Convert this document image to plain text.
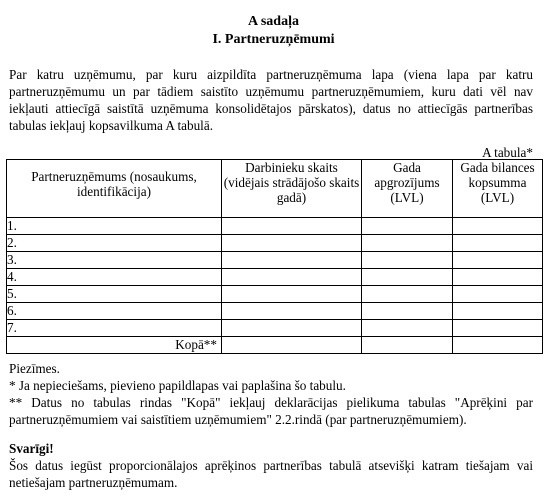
A sadaļa
I. Partneruzņēmumi
Par katru uzņēmumu, par kuru aizpildīta partneruzņēmuma lapa (viena lapa par katru partneruzņēmumu un par tādiem saistīto uzņēmumu partneruzņēmumiem, kuru dati vēl nav iekļauti attiecīgā saistītā uzņēmuma konsolidētajos pārskatos), datus no attiecīgās partnerības tabulas iekļauj kopsavilkuma A tabulā.
A tabula*
Partneruzņēmums (nosaukums, identifikācija)	Darbinieku skaits (vidējais strādājošo skaits gadā)	Gada apgrozījums (LVL)	Gada bilances kopsumma (LVL)
1.			
2.			
3.			
4.			
5.			
6.			
7.			
Kopā**			

Piezīmes.

* Ja nepieciešams, pievieno papildlapas vai paplašina šo tabulu.

** Datus no tabulas rindas "Kopā" iekļauj deklarācijas pielikuma tabulas "Aprēķini par partneruzņēmumiem vai saistītiem uzņēmumiem" 2.2.rindā (par partneruzņēmumiem).

Svarīgi!

Šos datus iegūst proporcionālajos aprēķinos partnerības tabulā atsevišķi katram tiešajam vai netiešajam partneruzņēmumam.
